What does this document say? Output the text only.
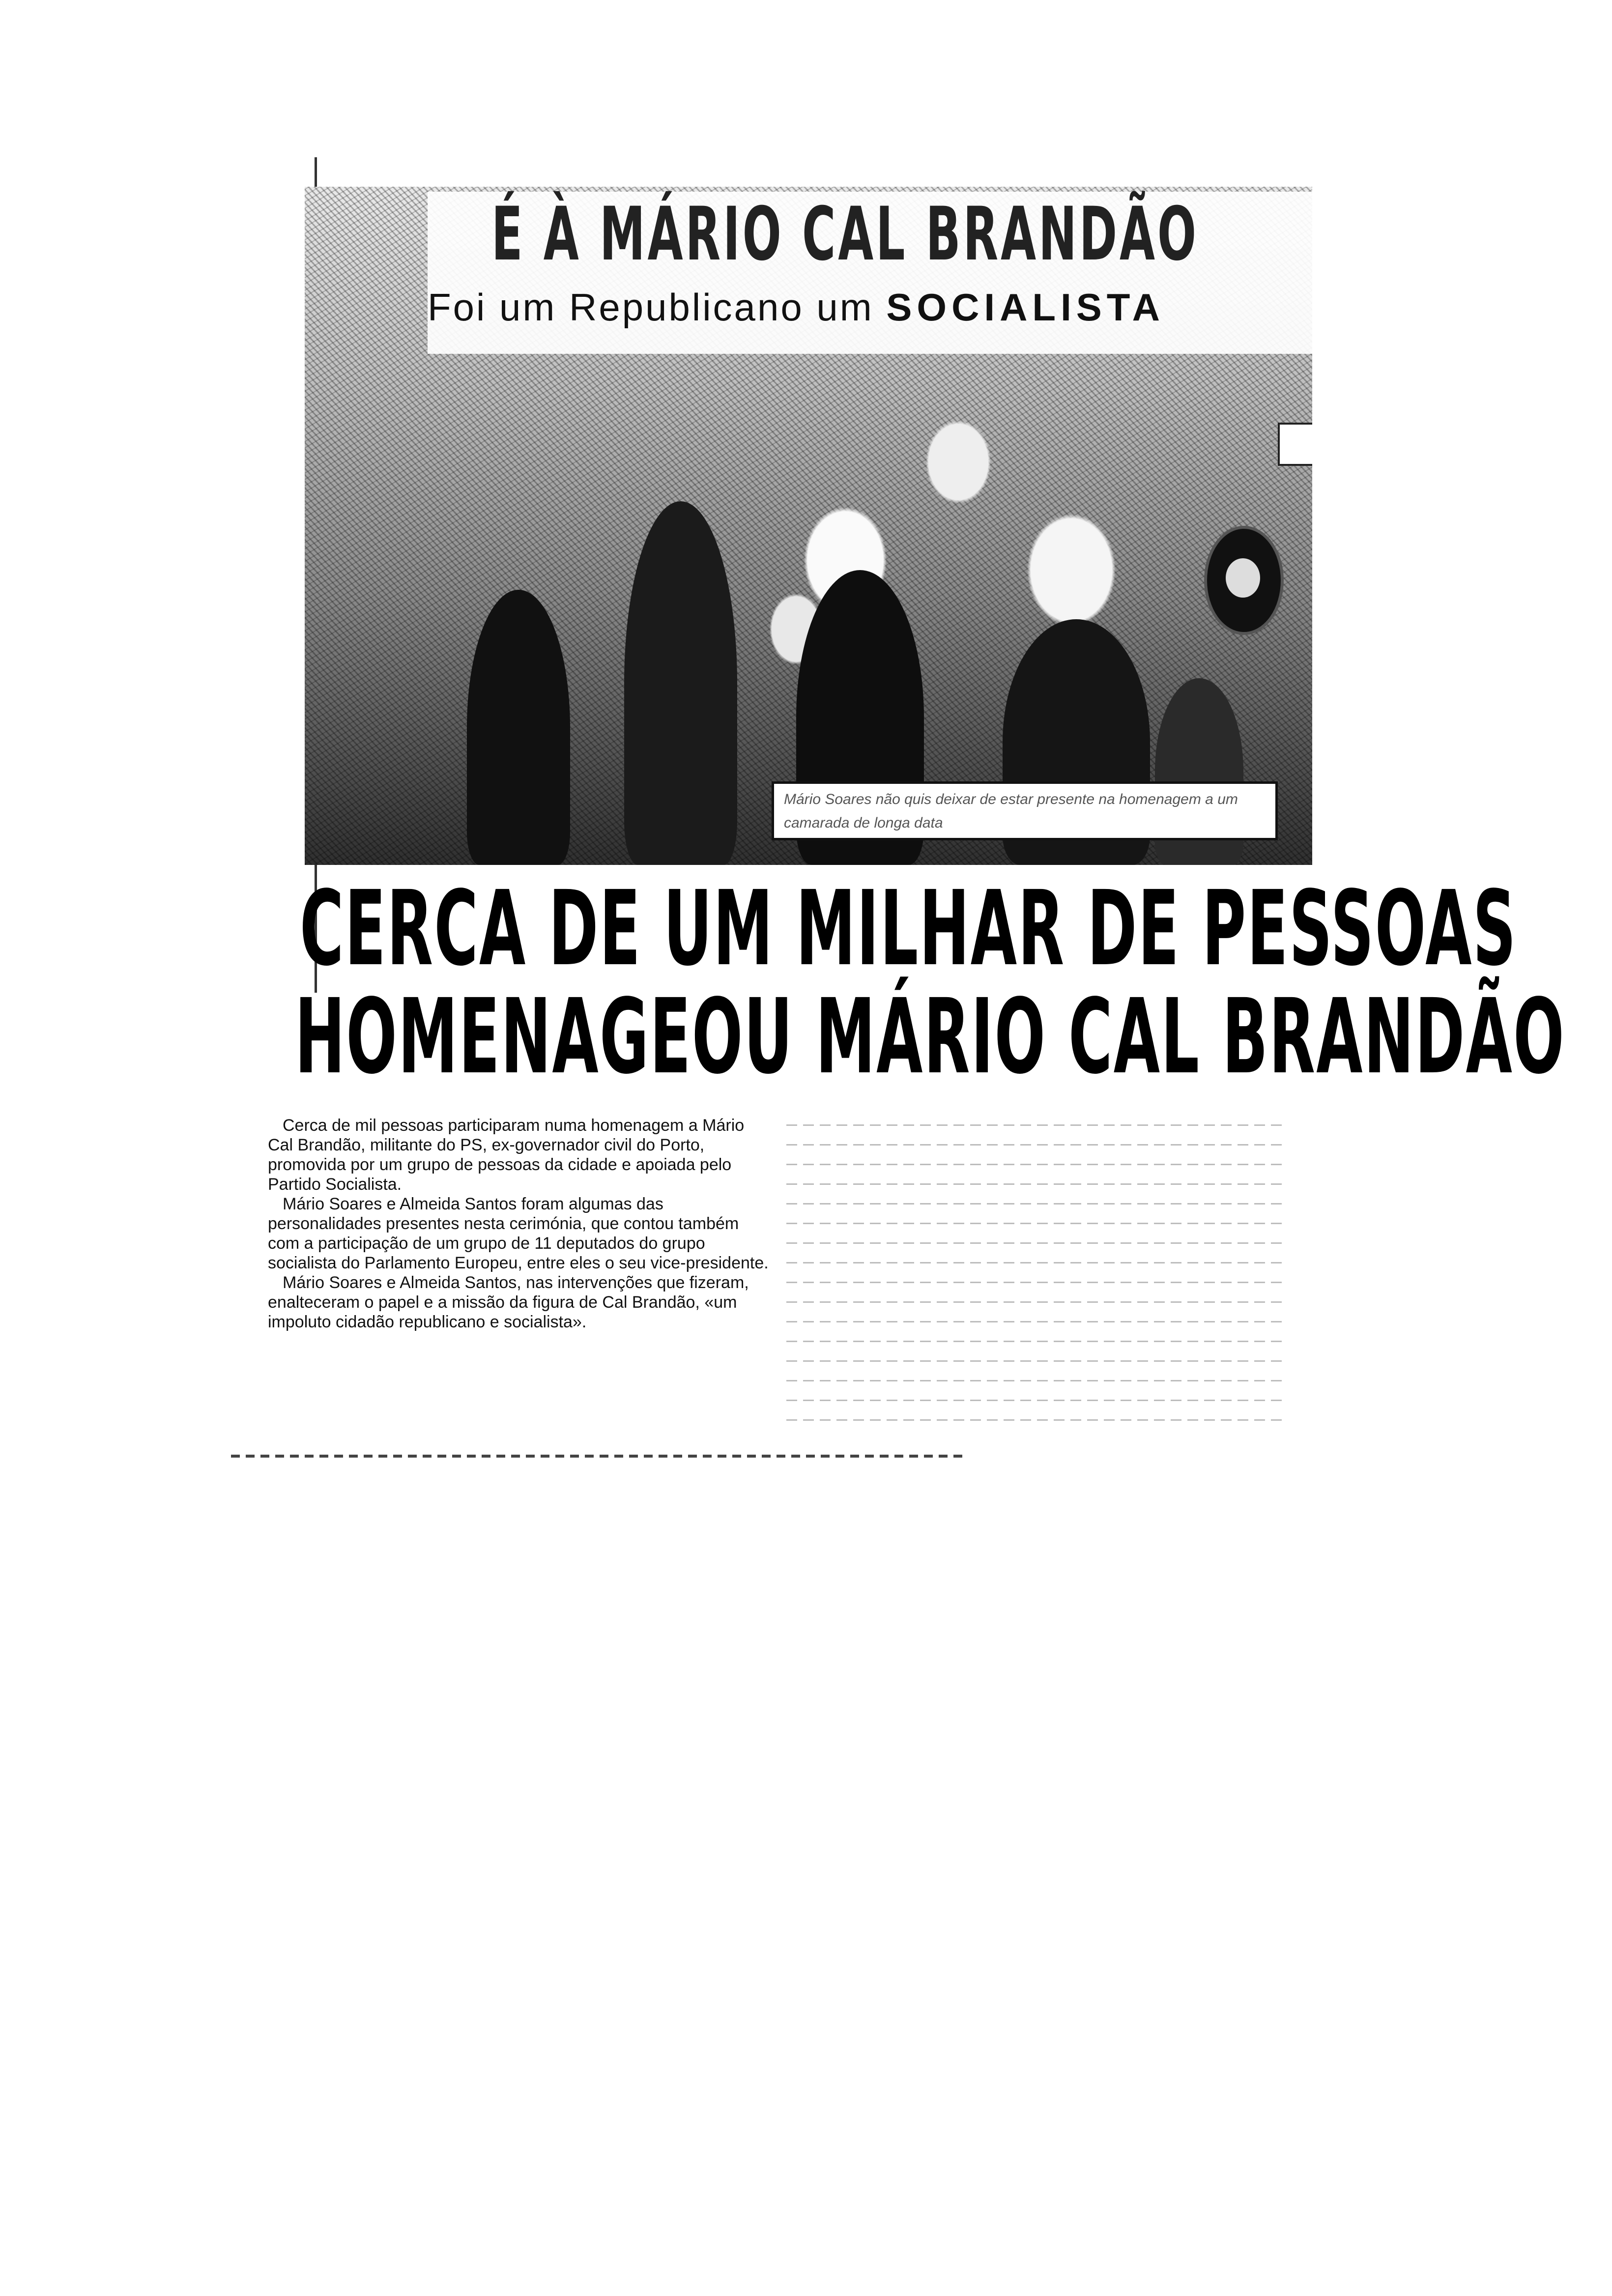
É À MÁRIO CAL BRANDÃO
Foi um Republicano um SOCIALISTA
Mário Soares não quis deixar de estar presente na homenagem a um camarada de longa data
CERCA DE UM MILHAR DE PESSOAS
HOMENAGEOU MÁRIO CAL BRANDÃO

Cerca de mil pessoas participaram numa homenagem a Mário Cal Brandão, militante do PS, ex-governador civil do Porto, promovida por um grupo de pessoas da cidade e apoiada pelo Partido Socialista.

Mário Soares e Almeida Santos foram algumas das personalidades presentes nesta cerimónia, que contou também com a participação de um grupo de 11 deputados do grupo socialista do Parlamento Europeu, entre eles o seu vice-presidente.

Mário Soares e Almeida Santos, nas intervenções que fizeram, enalteceram o papel e a missão da figura de Cal Brandão, «um impoluto cidadão republicano e socialista».
